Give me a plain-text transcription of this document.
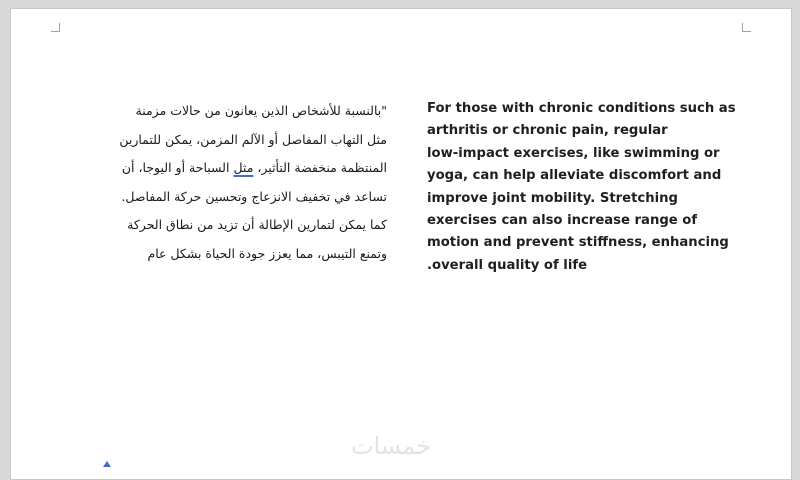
"بالنسبة للأشخاص الذين يعانون من حالات مزمنة مثل التهاب المفاصل أو الآلم المزمن، يمكن للتمارين المنتظمة منخفضة التأثير، مثل السباحة أو اليوجا، أن تساعد في تخفيف الانزعاج وتحسين حركة المفاصل. كما يمكن لتمارين الإطالة أن تزيد من نطاق الحركة وتمنع التيبس، مما يعزز جودة الحياة بشكل عام
For those with chronic conditions such as
arthritis or chronic pain, regular
low-impact exercises, like swimming or
yoga, can help alleviate discomfort and
improve joint mobility. Stretching
exercises can also increase range of
motion and prevent stiffness, enhancing
.overall quality of life
خمسات
